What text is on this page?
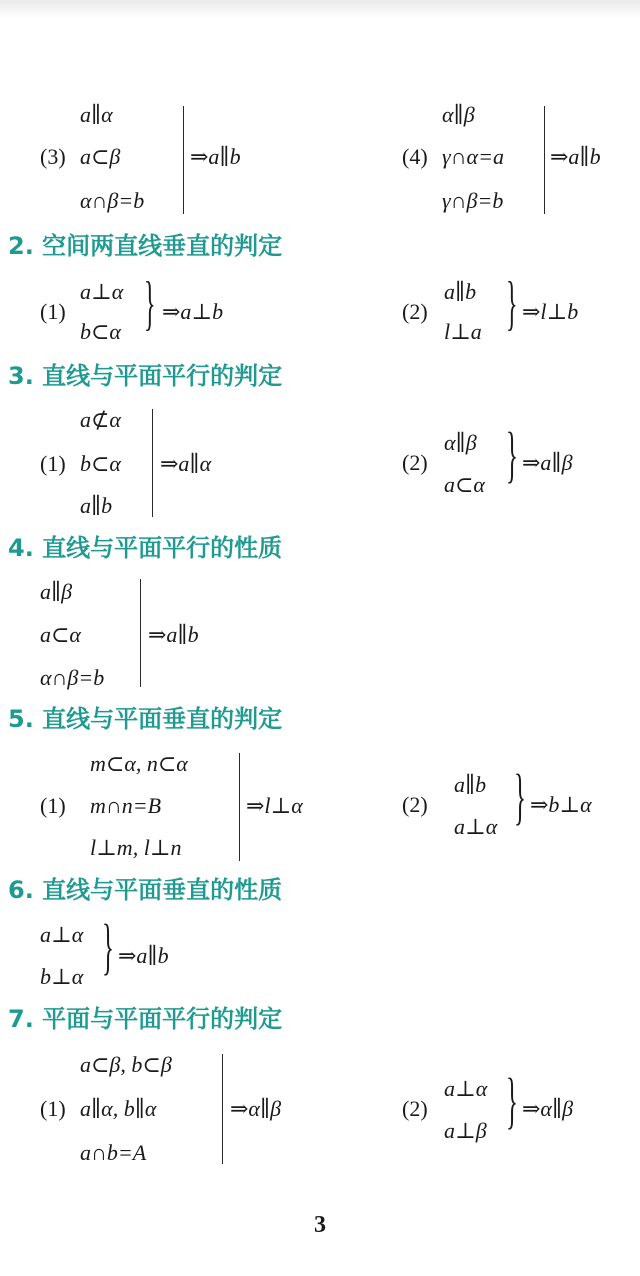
a∥α
(3) a⊂β
α∩β=b
⇒a∥b
α∥β
(4) γ∩α=a
γ∩β=b
⇒a∥b
2. 空间两直线垂直的判定
(1)
a⊥α
b⊂α } ⇒a⊥b	(2)
a∥b
l⊥a } ⇒l⊥b
3. 直线与平面平行的判定
a⊄α
(1) b⊂α
a∥b
⇒a∥α	(2)
α∥β
a⊂α } ⇒a∥β
4. 直线与平面平行的性质
a∥β
a⊂α
α∩β=b
⇒a∥b
5. 直线与平面垂直的判定
m⊂α, n⊂α
(1) m∩n=B
l⊥m, l⊥n
⇒l⊥α	(2)
a∥b
a⊥α } ⇒b⊥α
6. 直线与平面垂直的性质
a⊥α
b⊥α } ⇒a∥b
7. 平面与平面平行的判定
a⊂β, b⊂β
(1) a∥α, b∥α
a∩b=A
⇒α∥β	(2)
a⊥α
a⊥β } ⇒α∥β
3
